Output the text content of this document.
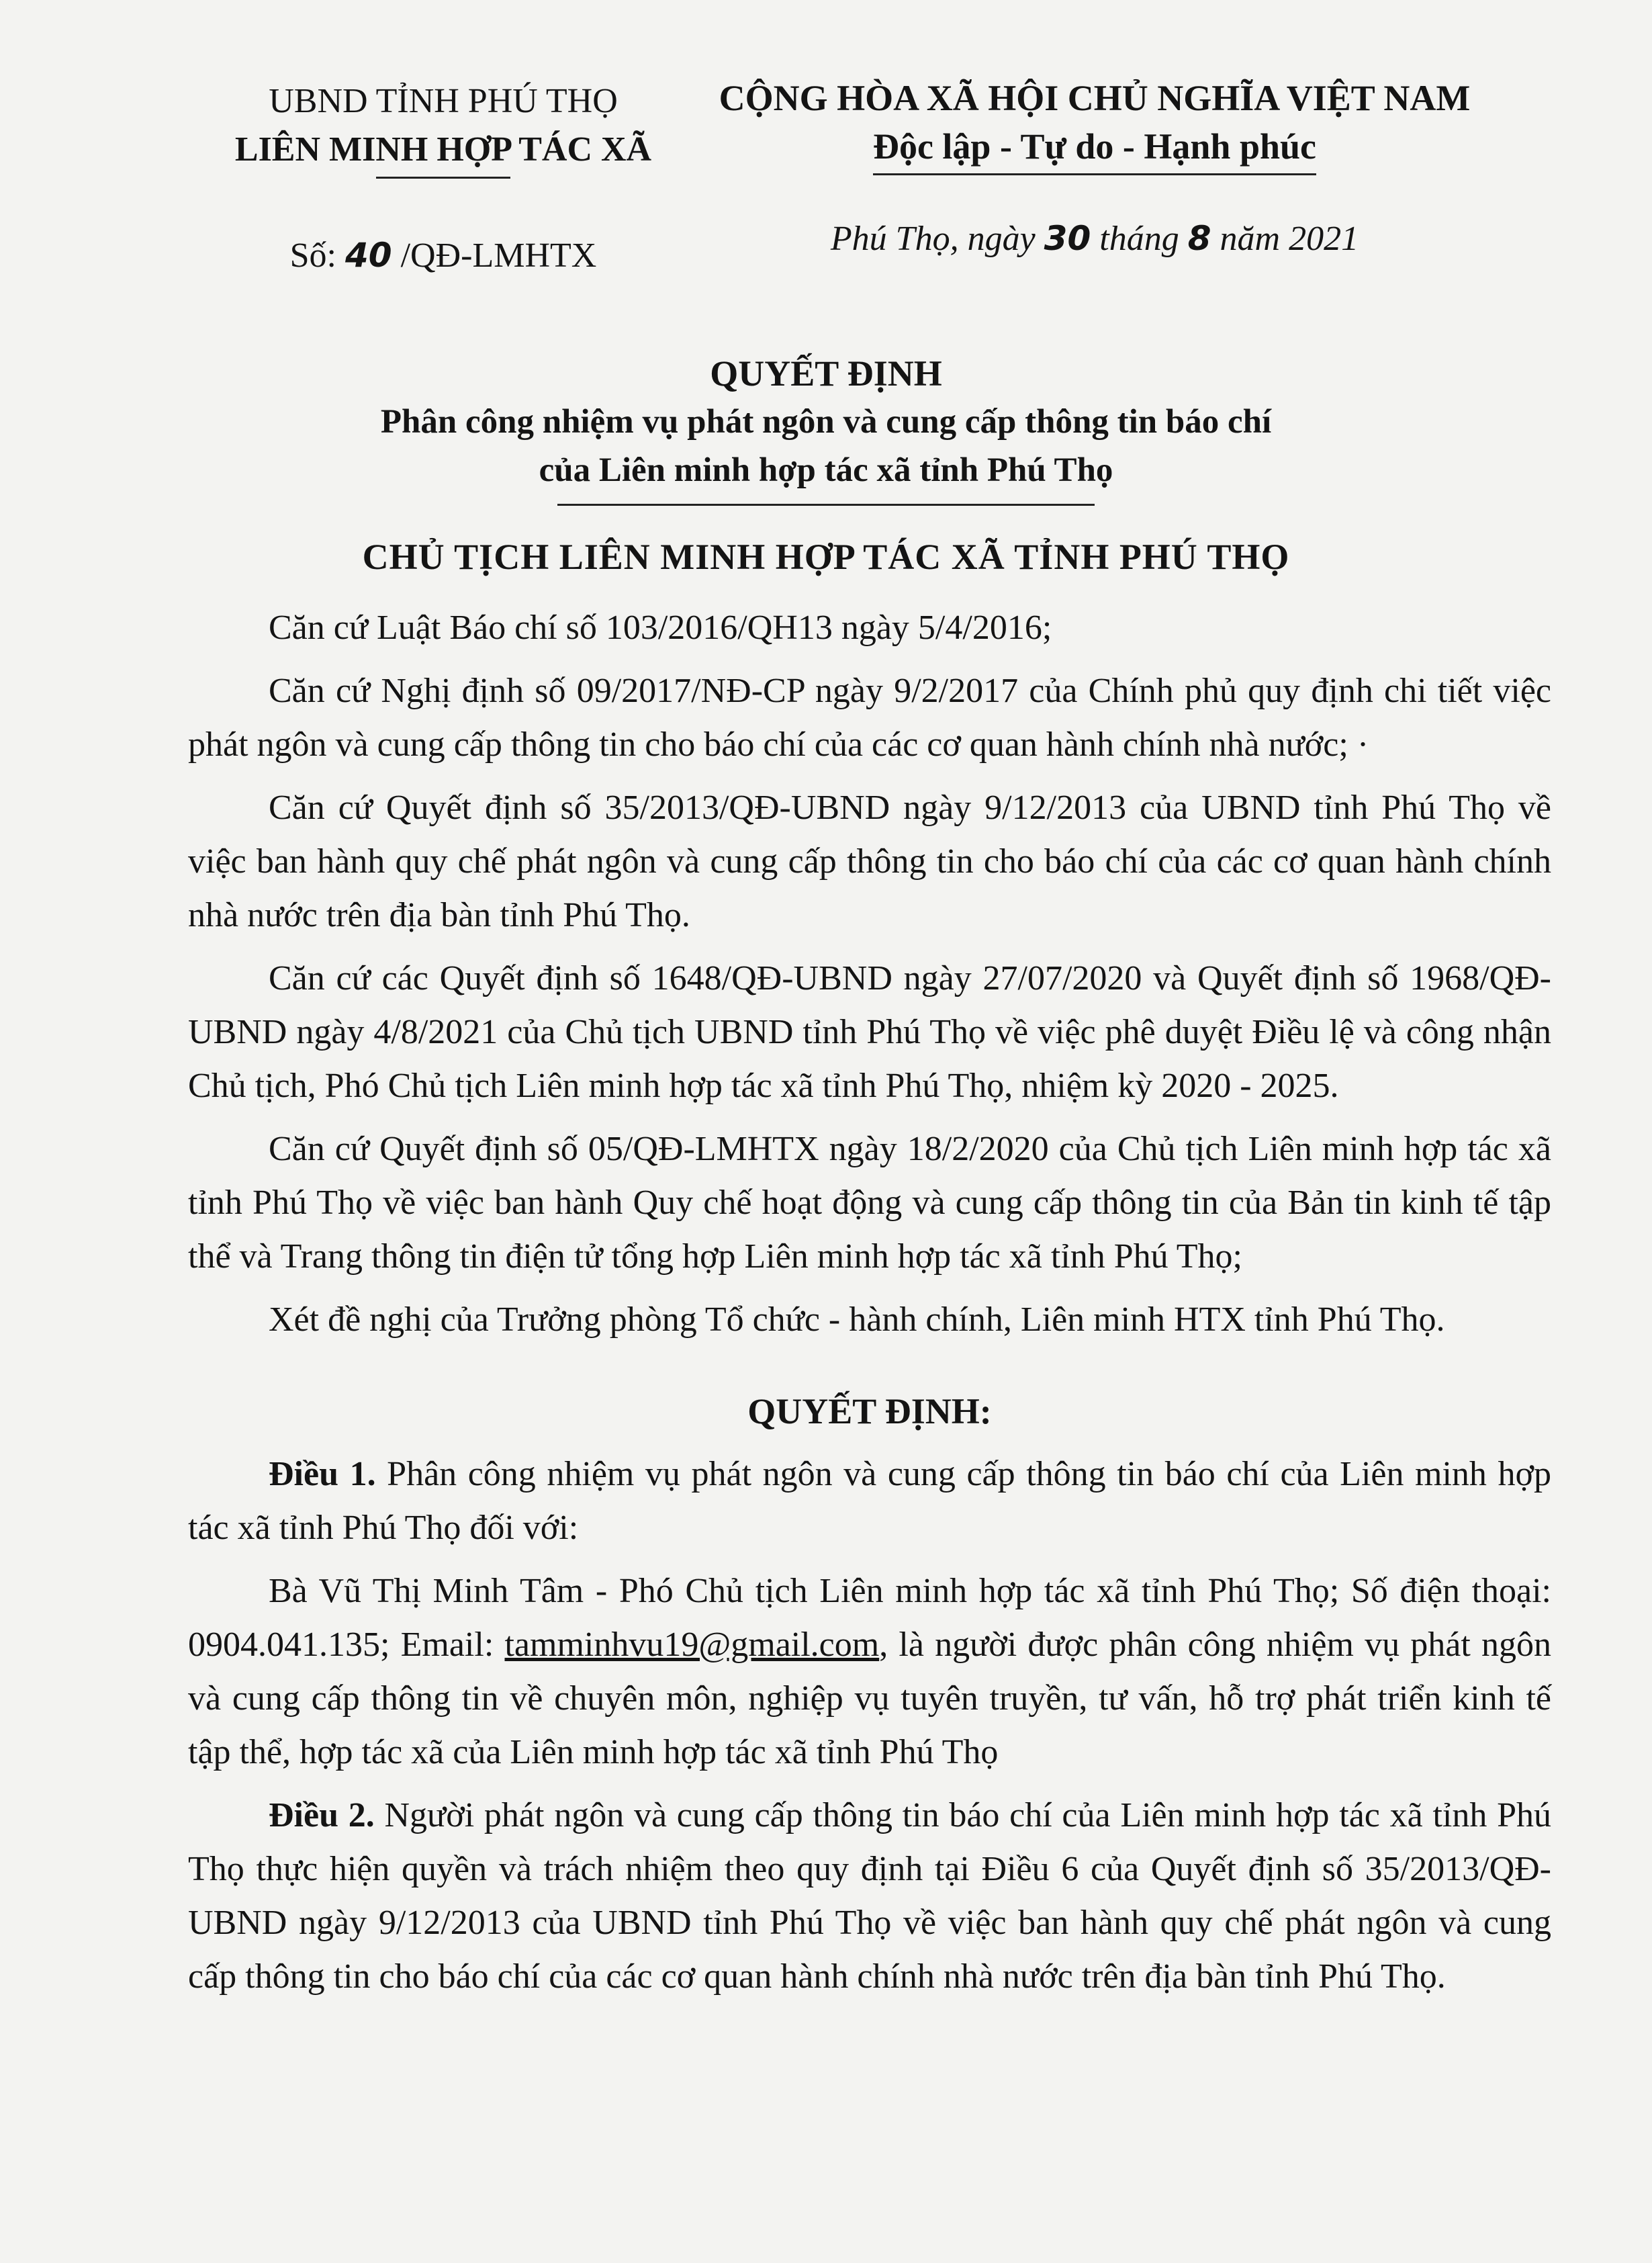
UBND TỈNH PHÚ THỌ
LIÊN MINH HỢP TÁC XÃ
Số: 40 /QĐ-LMHTX
CỘNG HÒA XÃ HỘI CHỦ NGHĨA VIỆT NAM
Độc lập - Tự do - Hạnh phúc
Phú Thọ, ngày 30 tháng 8 năm 2021
QUYẾT ĐỊNH
Phân công nhiệm vụ phát ngôn và cung cấp thông tin báo chí
của Liên minh hợp tác xã tỉnh Phú Thọ
CHỦ TỊCH LIÊN MINH HỢP TÁC XÃ TỈNH PHÚ THỌ

Căn cứ Luật Báo chí số 103/2016/QH13 ngày 5/4/2016;

Căn cứ Nghị định số 09/2017/NĐ-CP ngày 9/2/2017 của Chính phủ quy định chi tiết việc phát ngôn và cung cấp thông tin cho báo chí của các cơ quan hành chính nhà nước; ·

Căn cứ Quyết định số 35/2013/QĐ-UBND ngày 9/12/2013 của UBND tỉnh Phú Thọ về việc ban hành quy chế phát ngôn và cung cấp thông tin cho báo chí của các cơ quan hành chính nhà nước trên địa bàn tỉnh Phú Thọ.

Căn cứ các Quyết định số 1648/QĐ-UBND ngày 27/07/2020 và Quyết định số 1968/QĐ-UBND ngày 4/8/2021 của Chủ tịch UBND tỉnh Phú Thọ về việc phê duyệt Điều lệ và công nhận Chủ tịch, Phó Chủ tịch Liên minh hợp tác xã tỉnh Phú Thọ, nhiệm kỳ 2020 - 2025.

Căn cứ Quyết định số 05/QĐ-LMHTX ngày 18/2/2020 của Chủ tịch Liên minh hợp tác xã tỉnh Phú Thọ về việc ban hành Quy chế hoạt động và cung cấp thông tin của Bản tin kinh tế tập thể và Trang thông tin điện tử tổng hợp Liên minh hợp tác xã tỉnh Phú Thọ;

Xét đề nghị của Trưởng phòng Tổ chức - hành chính, Liên minh HTX tỉnh Phú Thọ.

QUYẾT ĐỊNH:

Điều 1. Phân công nhiệm vụ phát ngôn và cung cấp thông tin báo chí của Liên minh hợp tác xã tỉnh Phú Thọ đối với:

Bà Vũ Thị Minh Tâm - Phó Chủ tịch Liên minh hợp tác xã tỉnh Phú Thọ; Số điện thoại: 0904.041.135; Email: tamminhvu19@gmail.com, là người được phân công nhiệm vụ phát ngôn và cung cấp thông tin về chuyên môn, nghiệp vụ tuyên truyền, tư vấn, hỗ trợ phát triển kinh tế tập thể, hợp tác xã của Liên minh hợp tác xã tỉnh Phú Thọ

Điều 2. Người phát ngôn và cung cấp thông tin báo chí của Liên minh hợp tác xã tỉnh Phú Thọ thực hiện quyền và trách nhiệm theo quy định tại Điều 6 của Quyết định số 35/2013/QĐ-UBND ngày 9/12/2013 của UBND tỉnh Phú Thọ về việc ban hành quy chế phát ngôn và cung cấp thông tin cho báo chí của các cơ quan hành chính nhà nước trên địa bàn tỉnh Phú Thọ.
